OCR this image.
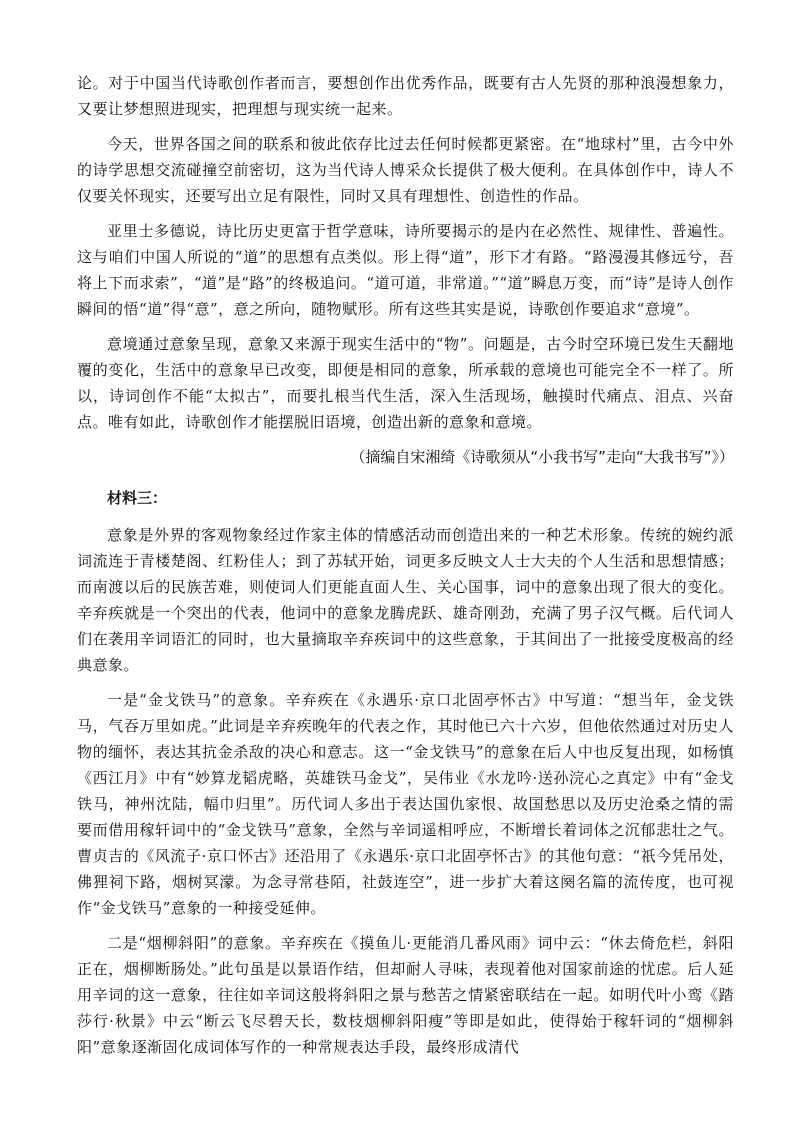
论。对于中国当代诗歌创作者而言，要想创作出优秀作品，既要有古人先贤的那种浪漫想象力，又要让梦想照进现实，把理想与现实统一起来。

今天，世界各国之间的联系和彼此依存比过去任何时候都更紧密。在“地球村”里，古今中外的诗学思想交流碰撞空前密切，这为当代诗人博采众长提供了极大便利。在具体创作中，诗人不仅要关怀现实，还要写出立足有限性，同时又具有理想性、创造性的作品。

亚里士多德说，诗比历史更富于哲学意味，诗所要揭示的是内在必然性、规律性、普遍性。这与咱们中国人所说的“道”的思想有点类似。形上得“道”，形下才有路。“路漫漫其修远兮，吾将上下而求索”，“道”是“路”的终极追问。“道可道，非常道。”“道”瞬息万变，而“诗”是诗人创作瞬间的悟“道”得“意”，意之所向，随物赋形。所有这些其实是说，诗歌创作要追求“意境”。

意境通过意象呈现，意象又来源于现实生活中的“物”。问题是，古今时空环境已发生天翻地覆的变化，生活中的意象早已改变，即便是相同的意象，所承载的意境也可能完全不一样了。所以，诗词创作不能“太拟古”，而要扎根当代生活，深入生活现场，触摸时代痛点、泪点、兴奋点。唯有如此，诗歌创作才能摆脱旧语境，创造出新的意象和意境。

（摘编自宋湘绮《诗歌须从“小我书写”走向“大我书写”》）

材料三：

意象是外界的客观物象经过作家主体的情感活动而创造出来的一种艺术形象。传统的婉约派词流连于青楼楚阁、红粉佳人；到了苏轼开始，词更多反映文人士大夫的个人生活和思想情感；而南渡以后的民族苦难，则使词人们更能直面人生、关心国事，词中的意象出现了很大的变化。辛弃疾就是一个突出的代表，他词中的意象龙腾虎跃、雄奇刚劲，充满了男子汉气概。后代词人们在袭用辛词语汇的同时，也大量摘取辛弃疾词中的这些意象，于其间出了一批接受度极高的经典意象。

一是“金戈铁马”的意象。辛弃疾在《永遇乐·京口北固亭怀古》中写道：“想当年，金戈铁马，气吞万里如虎。”此词是辛弃疾晚年的代表之作，其时他已六十六岁，但他依然通过对历史人物的缅怀，表达其抗金杀敌的决心和意志。这一“金戈铁马”的意象在后人中也反复出现，如杨慎《西江月》中有“妙算龙韬虎略，英雄铁马金戈”，吴伟业《水龙吟·送孙浣心之真定》中有“金戈铁马，神州沈陆，幅巾归里”。历代词人多出于表达国仇家恨、故国愁思以及历史沧桑之情的需要而借用稼轩词中的“金戈铁马”意象，全然与辛词遥相呼应，不断增长着词体之沉郁悲壮之气。曹贞吉的《风流子·京口怀古》还沿用了《永遇乐·京口北固亭怀古》的其他句意：“祇今凭吊处，佛狸祠下路，烟树冥濛。为念寻常巷陌，社鼓连空”，进一步扩大着这阕名篇的流传度，也可视作“金戈铁马”意象的一种接受延伸。

二是“烟柳斜阳”的意象。辛弃疾在《摸鱼儿·更能消几番风雨》词中云：“休去倚危栏，斜阳正在，烟柳断肠处。”此句虽是以景语作结，但却耐人寻味，表现着他对国家前途的忧虑。后人延用辛词的这一意象，往往如辛词这般将斜阳之景与愁苦之情紧密联结在一起。如明代叶小鸾《踏莎行·秋景》中云“断云飞尽碧天长，数枝烟柳斜阳瘦”等即是如此，使得始于稼轩词的“烟柳斜阳”意象逐渐固化成词体写作的一种常规表达手段，最终形成清代
